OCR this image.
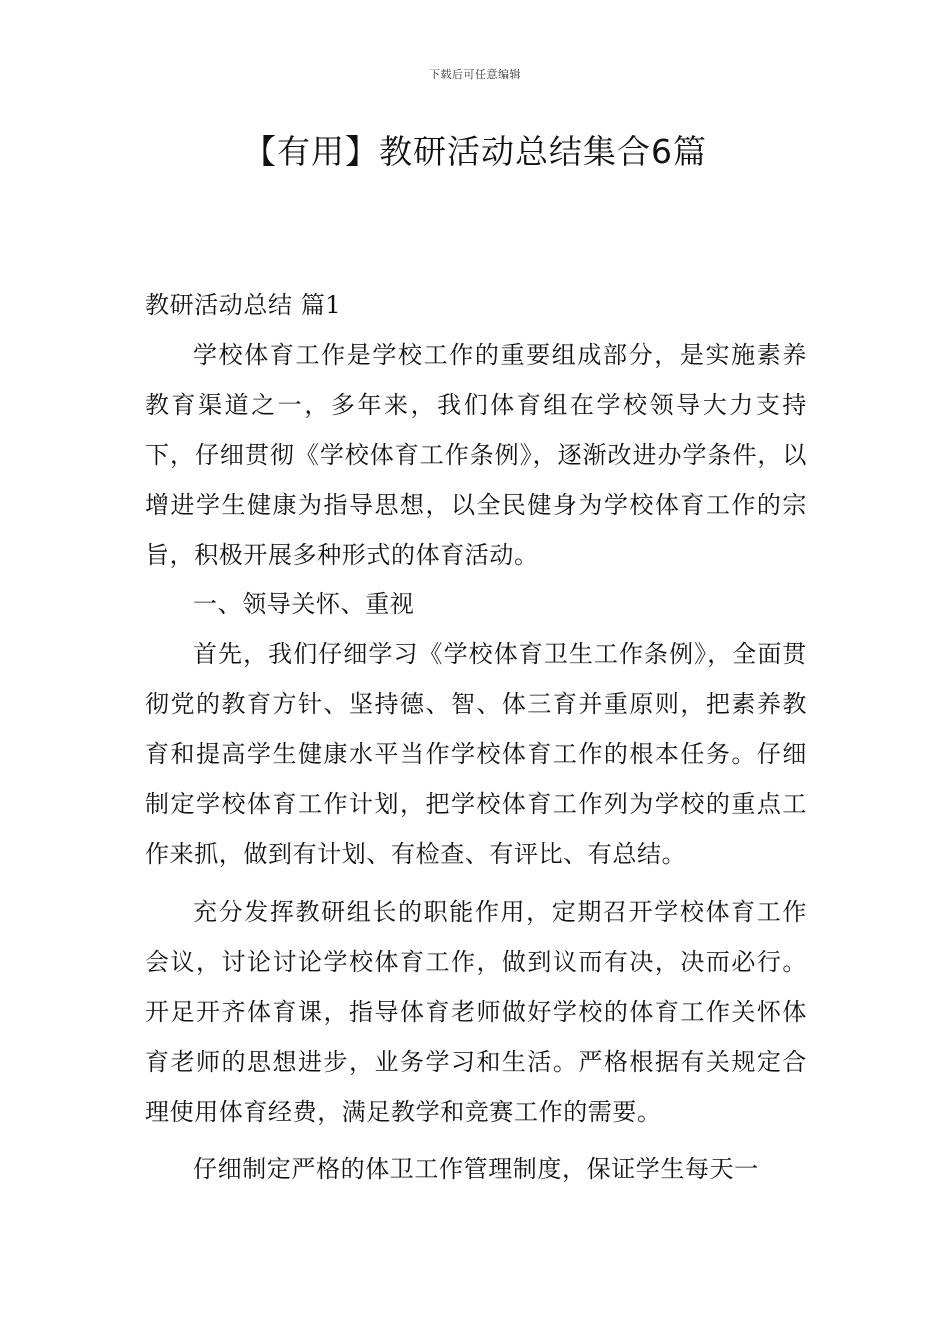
下载后可任意编辑
【有用】教研活动总结集合6篇

教研活动总结 篇1

学校体育工作是学校工作的重要组成部分，是实施素养教育渠道之一，多年来，我们体育组在学校领导大力支持下，仔细贯彻《学校体育工作条例》，逐渐改进办学条件，以增进学生健康为指导思想，以全民健身为学校体育工作的宗旨，积极开展多种形式的体育活动。

一、领导关怀、重视

首先，我们仔细学习《学校体育卫生工作条例》，全面贯彻党的教育方针、坚持德、智、体三育并重原则，把素养教育和提高学生健康水平当作学校体育工作的根本任务。仔细制定学校体育工作计划，把学校体育工作列为学校的重点工作来抓，做到有计划、有检查、有评比、有总结。

充分发挥教研组长的职能作用，定期召开学校体育工作会议，讨论讨论学校体育工作，做到议而有决，决而必行。开足开齐体育课，指导体育老师做好学校的体育工作关怀体育老师的思想进步，业务学习和生活。严格根据有关规定合理使用体育经费，满足教学和竞赛工作的需要。

仔细制定严格的体卫工作管理制度，保证学生每天一
